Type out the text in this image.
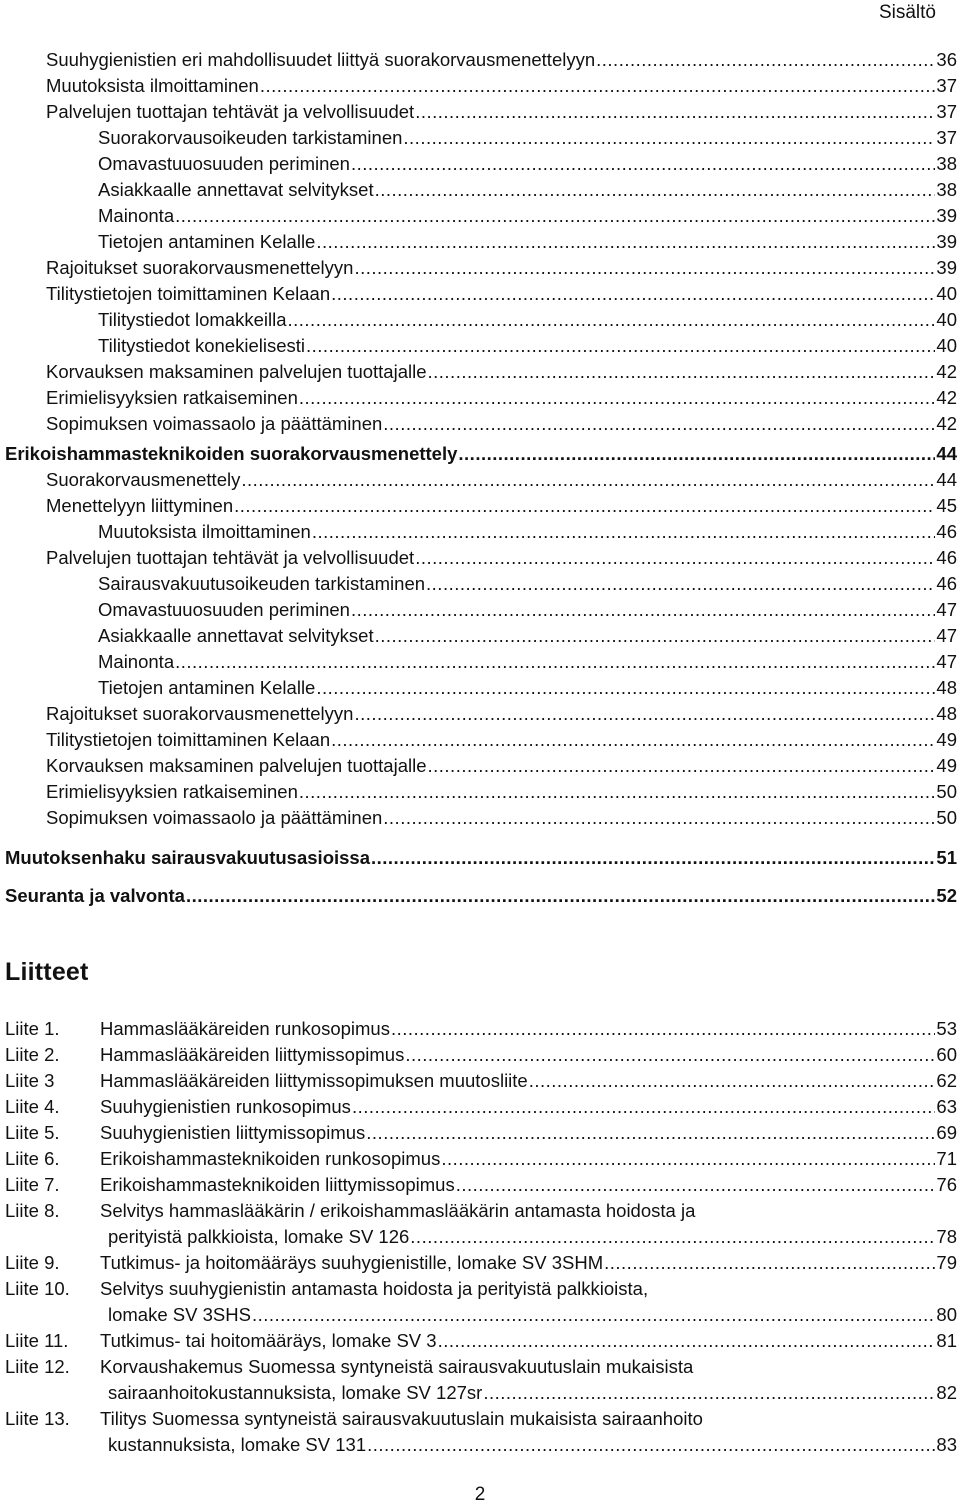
Sisältö
Suuhygienistien eri mahdollisuudet liittyä suorakorvausmenettelyyn .....	36
Muutoksista ilmoittaminen .....	37
Palvelujen tuottajan tehtävät ja velvollisuudet .....	37
Suorakorvausoikeuden tarkistaminen .....	37
Omavastuuosuuden periminen .....	38
Asiakkaalle annettavat selvitykset .....	38
Mainonta .....	39
Tietojen antaminen Kelalle .....	39
Rajoitukset suorakorvausmenettelyyn .....	39
Tilitystietojen toimittaminen Kelaan .....	40
Tilitystiedot lomakkeilla .....	40
Tilitystiedot konekielisesti .....	40
Korvauksen maksaminen palvelujen tuottajalle .....	42
Erimielisyyksien ratkaiseminen .....	42
Sopimuksen voimassaolo ja päättäminen .....	42
Erikoishammasteknikoiden suorakorvausmenettely .....	44
Suorakorvausmenettely .....	44
Menettelyyn liittyminen .....	45
Muutoksista ilmoittaminen .....	46
Palvelujen tuottajan tehtävät ja velvollisuudet .....	46
Sairausvakuutusoikeuden tarkistaminen .....	46
Omavastuuosuuden periminen .....	47
Asiakkaalle annettavat selvitykset .....	47
Mainonta .....	47
Tietojen antaminen Kelalle .....	48
Rajoitukset suorakorvausmenettelyyn .....	48
Tilitystietojen toimittaminen Kelaan .....	49
Korvauksen maksaminen palvelujen tuottajalle .....	49
Erimielisyyksien ratkaiseminen .....	50
Sopimuksen voimassaolo ja päättäminen .....	50
Muutoksenhaku sairausvakuutusasioissa .....	51
Seuranta ja valvonta .....	52
Liitteet
Liite 1. Hammaslääkäreiden runkosopimus .....	53
Liite 2. Hammaslääkäreiden liittymissopimus .....	60
Liite 3 Hammaslääkäreiden liittymissopimuksen muutosliite .....	62
Liite 4. Suuhygienistien runkosopimus .....	63
Liite 5. Suuhygienistien liittymissopimus .....	69
Liite 6. Erikoishammasteknikoiden runkosopimus .....	71
Liite 7. Erikoishammasteknikoiden liittymissopimus .....	76
Liite 8. Selvitys hammaslääkärin / erikoishammaslääkärin antamasta hoidosta ja
perityistä palkkioista, lomake SV 126 .....	78
Liite 9. Tutkimus- ja hoitomääräys suuhygienistille, lomake SV 3SHM .....	79
Liite 10. Selvitys suuhygienistin antamasta hoidosta ja perityistä palkkioista,
lomake SV 3SHS .....	80
Liite 11. Tutkimus- tai hoitomääräys, lomake SV 3 .....	81
Liite 12. Korvaushakemus Suomessa syntyneistä sairausvakuutuslain mukaisista
sairaanhoitokustannuksista, lomake SV 127sr .....	82
Liite 13. Tilitys Suomessa syntyneistä sairausvakuutuslain mukaisista sairaanhoito
kustannuksista, lomake SV 131 .....	83
2
